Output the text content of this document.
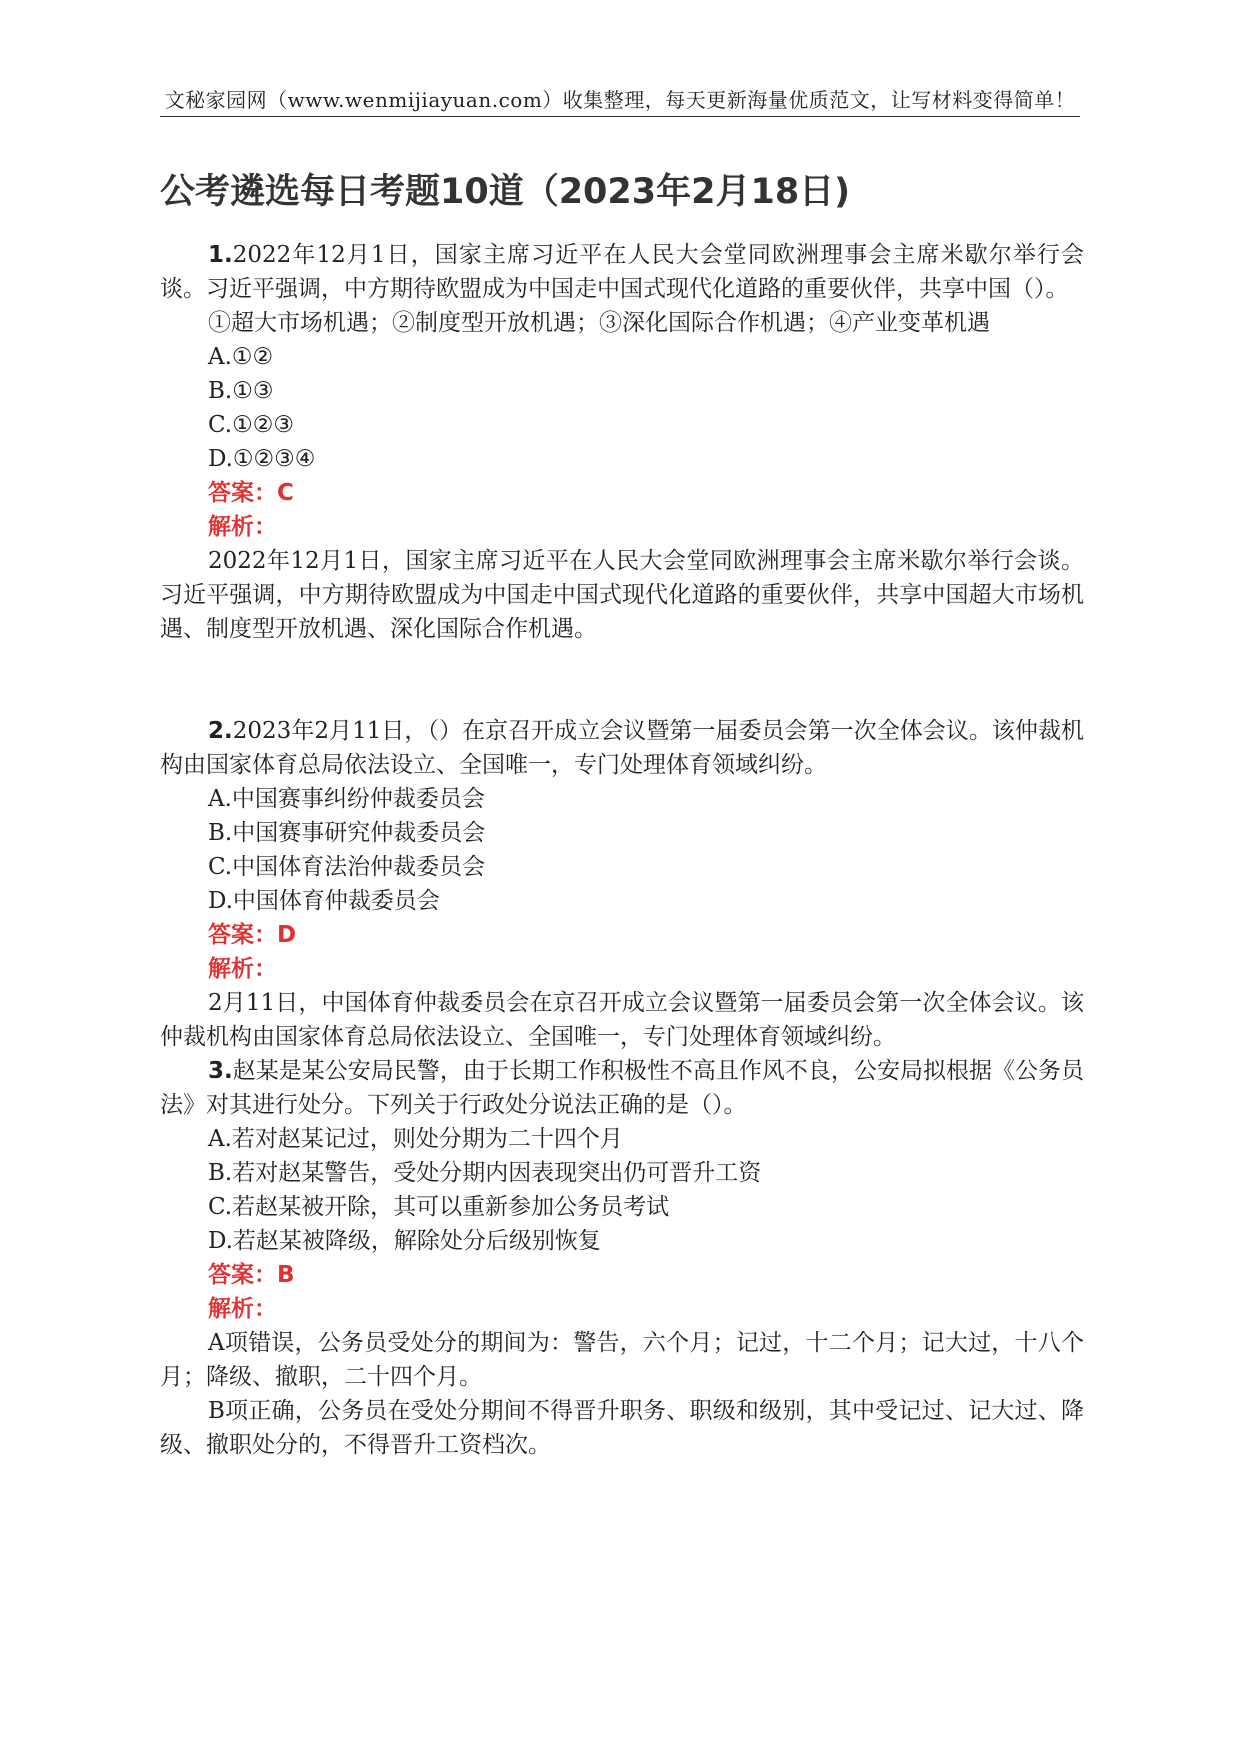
文秘家园网（www.wenmijiayuan.com）收集整理，每天更新海量优质范文，让写材料变得简单！
公考遴选每日考题10道（2023年2月18日)

1.2022年12月1日，国家主席习近平在人民大会堂同欧洲理事会主席米歇尔举行会谈。习近平强调，中方期待欧盟成为中国走中国式现代化道路的重要伙伴，共享中国（）。

①超大市场机遇；②制度型开放机遇；③深化国际合作机遇；④产业变革机遇

A.①②

B.①③

C.①②③

D.①②③④

答案：C

解析：

2022年12月1日，国家主席习近平在人民大会堂同欧洲理事会主席米歇尔举行会谈。习近平强调，中方期待欧盟成为中国走中国式现代化道路的重要伙伴，共享中国超大市场机遇、制度型开放机遇、深化国际合作机遇。

2.2023年2月11日，（）在京召开成立会议暨第一届委员会第一次全体会议。该仲裁机构由国家体育总局依法设立、全国唯一，专门处理体育领域纠纷。

A.中国赛事纠纷仲裁委员会

B.中国赛事研究仲裁委员会

C.中国体育法治仲裁委员会

D.中国体育仲裁委员会

答案：D

解析：

2月11日，中国体育仲裁委员会在京召开成立会议暨第一届委员会第一次全体会议。该仲裁机构由国家体育总局依法设立、全国唯一，专门处理体育领域纠纷。

3.赵某是某公安局民警，由于长期工作积极性不高且作风不良，公安局拟根据《公务员法》对其进行处分。下列关于行政处分说法正确的是（）。

A.若对赵某记过，则处分期为二十四个月

B.若对赵某警告，受处分期内因表现突出仍可晋升工资

C.若赵某被开除，其可以重新参加公务员考试

D.若赵某被降级，解除处分后级别恢复

答案：B

解析：

A项错误，公务员受处分的期间为：警告，六个月；记过，十二个月；记大过，十八个月；降级、撤职，二十四个月。

B项正确，公务员在受处分期间不得晋升职务、职级和级别，其中受记过、记大过、降级、撤职处分的，不得晋升工资档次。
